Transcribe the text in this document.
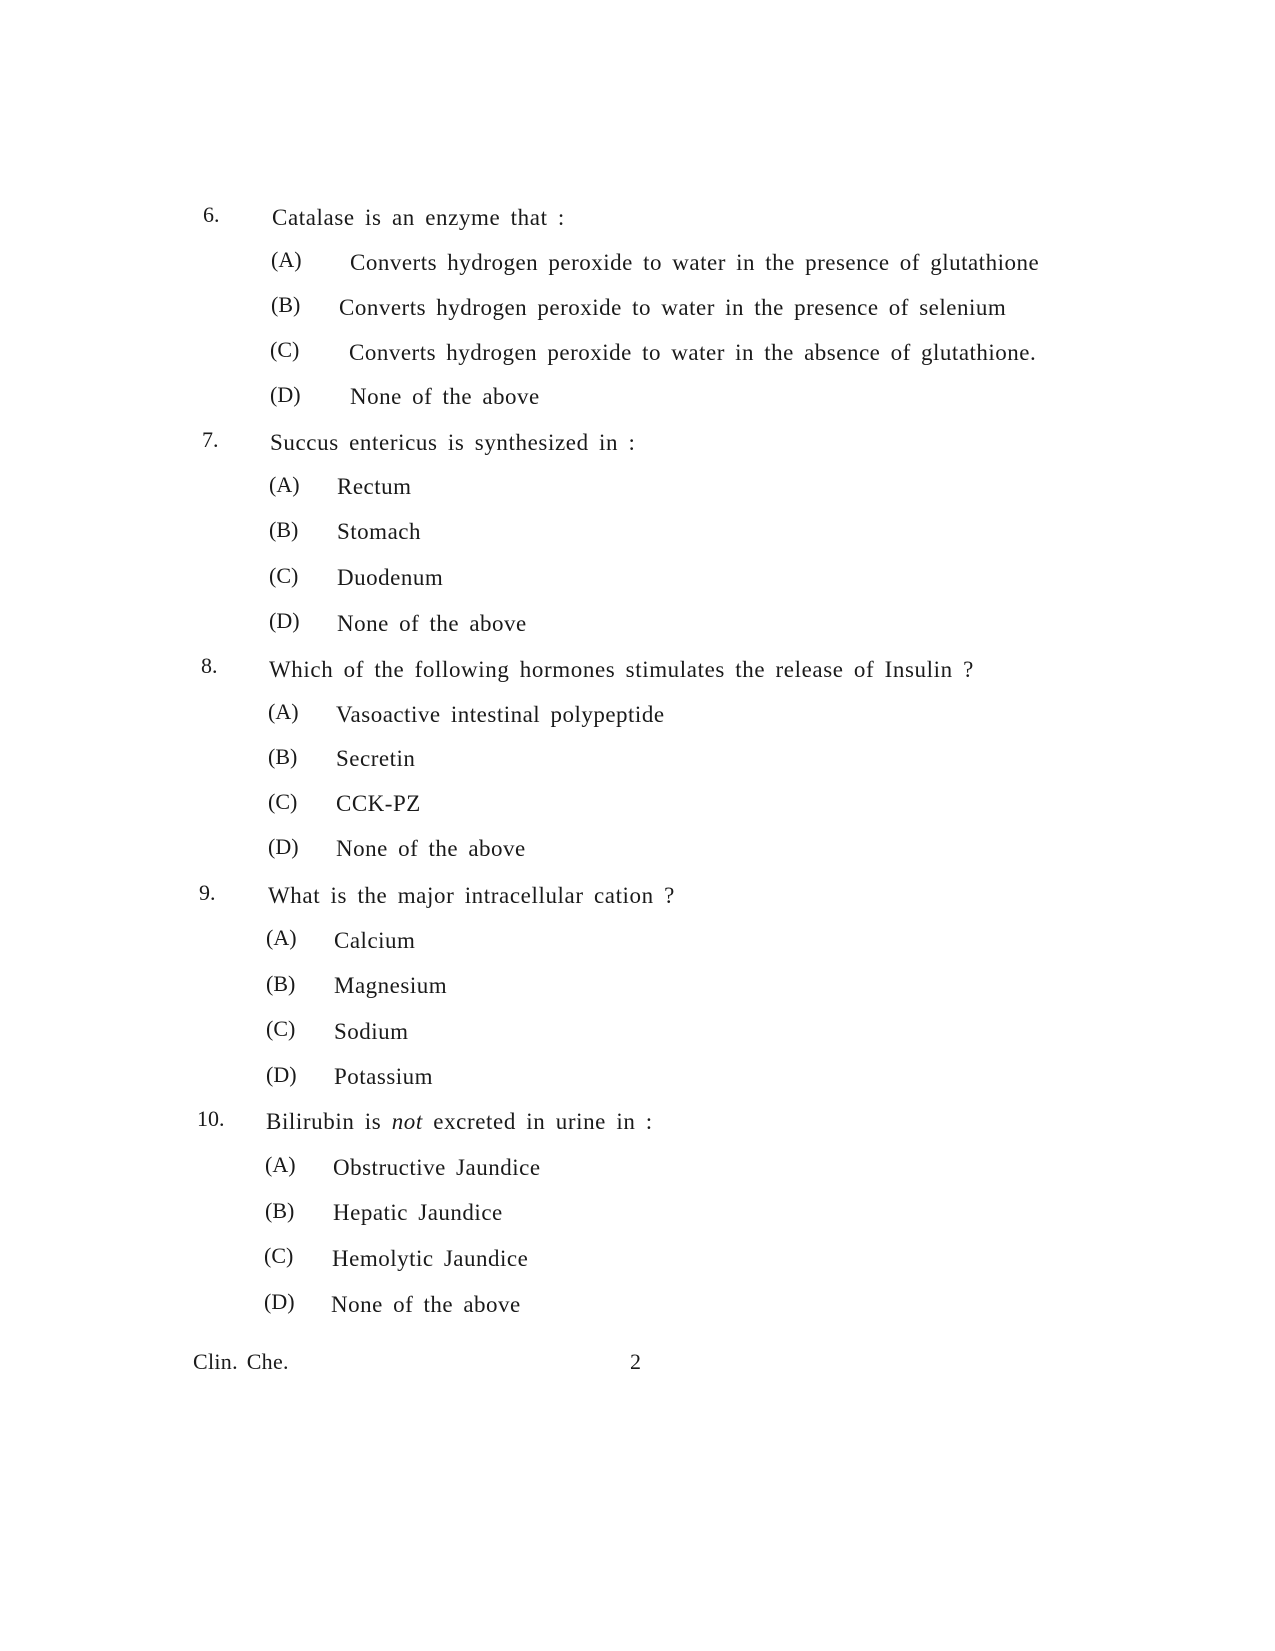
6. Catalase is an enzyme that :
(A) Converts hydrogen peroxide to water in the presence of glutathione
(B) Converts hydrogen peroxide to water in the presence of selenium
(C) Converts hydrogen peroxide to water in the absence of glutathione.
(D) None of the above
7. Succus entericus is synthesized in :
(A) Rectum
(B) Stomach
(C) Duodenum
(D) None of the above
8. Which of the following hormones stimulates the release of Insulin ?
(A) Vasoactive intestinal polypeptide
(B) Secretin
(C) CCK-PZ
(D) None of the above
9. What is the major intracellular cation ?
(A) Calcium
(B) Magnesium
(C) Sodium
(D) Potassium
10. Bilirubin is not excreted in urine in :
(A) Obstructive Jaundice
(B) Hepatic Jaundice
(C) Hemolytic Jaundice
(D) None of the above
Clin. Che.	2
